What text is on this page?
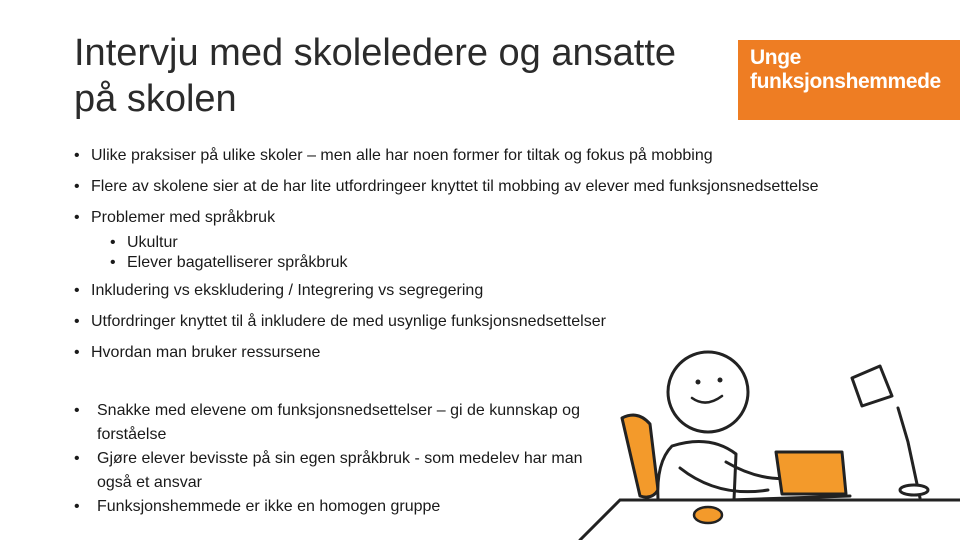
Intervju med skoleledere og ansatte
på skolen
Unge
funksjonshemmede
• Ulike praksiser på ulike skoler – men alle har noen former for tiltak og fokus på mobbing
• Flere av skolene sier at de har lite utfordringeer knyttet til mobbing av elever med funksjonsnedsettelse
• Problemer med språkbruk
• Ukultur
• Elever bagatelliserer språkbruk
• Inkludering vs ekskludering / Integrering vs segregering
• Utfordringer knyttet til å inkludere de med usynlige funksjonsnedsettelser
• Hvordan man bruker ressursene
• Snakke med elevene om funksjonsnedsettelser – gi de kunnskap og forståelse
• Gjøre elever bevisste på sin egen språkbruk - som medelev har man også et ansvar
• Funksjonshemmede er ikke en homogen gruppe
